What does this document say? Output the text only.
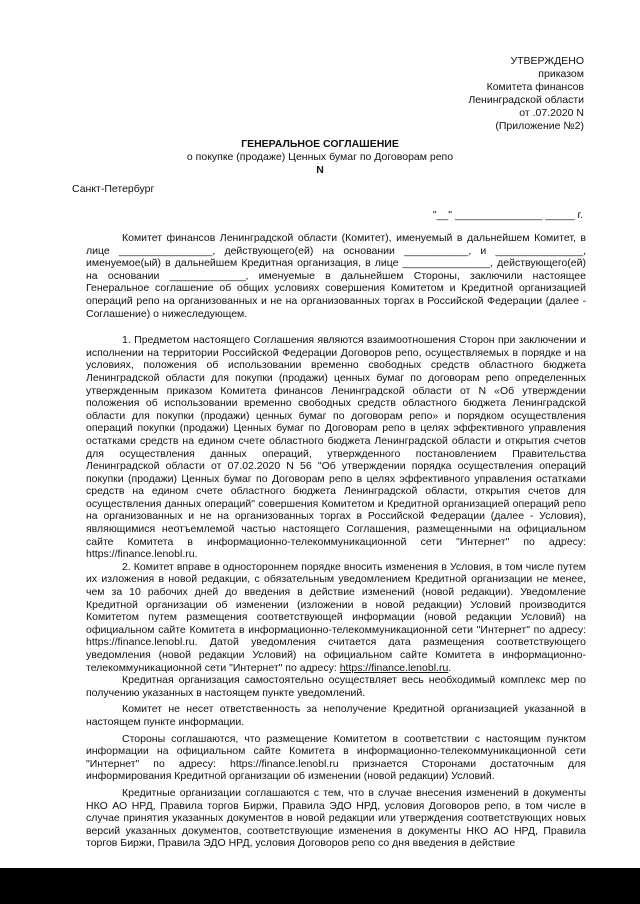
УТВЕРЖДЕНО
приказом
Комитета финансов
Ленинградской области
от .07.2020 N
(Приложение №2)
ГЕНЕРАЛЬНОЕ СОГЛАШЕНИЕ
о покупке (продаже) Ценных бумаг по Договорам репо
N
Санкт-Петербург
"__" _______________ _____ г.

Комитет финансов Ленинградской области (Комитет), именуемый в дальнейшем Комитет, в лице ________________, действующего(ей) на основании ___________, и _______________, именуемое(ый) в дальнейшем Кредитная организация, в лице _______________, действующего(ей) на основании _____________, именуемые в дальнейшем Стороны, заключили настоящее Генеральное соглашение об общих условиях совершения Комитетом и Кредитной организацией операций репо на организованных и не на организованных торгах в Российской Федерации (далее - Соглашение) о нижеследующем.

1. Предметом настоящего Соглашения являются взаимоотношения Сторон при заключении и исполнении на территории Российской Федерации Договоров репо, осуществляемых в порядке и на условиях, положения об использовании временно свободных средств областного бюджета Ленинградской области для покупки (продажи) ценных бумаг по договорам репо определенных утвержденным приказом Комитета финансов Ленинградской области от N «Об утверждении положения об использовании временно свободных средств областного бюджета Ленинградской области для покупки (продажи) ценных бумаг по договорам репо» и порядком осуществления операций покупки (продажи) Ценных бумаг по Договорам репо в целях эффективного управления остатками средств на едином счете областного бюджета Ленинградской области и открытия счетов для осуществления данных операций, утвержденного постановлением Правительства Ленинградской области от 07.02.2020 N 56 "Об утверждении порядка осуществления операций покупки (продажи) Ценных бумаг по Договорам репо в целях эффективного управления остатками средств на едином счете областного бюджета Ленинградской области, открытия счетов для осуществления данных операций" совершения Комитетом и Кредитной организацией операций репо на организованных и не на организованных торгах в Российской Федерации (далее - Условия), являющимися неотъемлемой частью настоящего Соглашения, размещенными на официальном сайте Комитета в информационно-телекоммуникационной сети "Интернет" по адресу: https://finance.lenobl.ru.

2. Комитет вправе в одностороннем порядке вносить изменения в Условия, в том числе путем их изложения в новой редакции, с обязательным уведомлением Кредитной организации не менее, чем за 10 рабочих дней до введения в действие изменений (новой редакции). Уведомление Кредитной организации об изменении (изложении в новой редакции) Условий производится Комитетом путем размещения соответствующей информации (новой редакции Условий) на официальном сайте Комитета в информационно-телекоммуникационной сети "Интернет" по адресу: https://finance.lenobl.ru. Датой уведомления считается дата размещения соответствующего уведомления (новой редакции Условий) на официальном сайте Комитета в информационно-телекоммуникационной сети "Интернет" по адресу: https://finance.lenobl.ru.

Кредитная организация самостоятельно осуществляет весь необходимый комплекс мер по получению указанных в настоящем пункте уведомлений.

Комитет не несет ответственность за неполучение Кредитной организацией указанной в настоящем пункте информации.

Стороны соглашаются, что размещение Комитетом в соответствии с настоящим пунктом информации на официальном сайте Комитета в информационно-телекоммуникационной сети "Интернет" по адресу: https://finance.lenobl.ru признается Сторонами достаточным для информирования Кредитной организации об изменении (новой редакции) Условий.

Кредитные организации соглашаются с тем, что в случае внесения изменений в документы НКО АО НРД, Правила торгов Биржи, Правила ЭДО НРД, условия Договоров репо, в том числе в случае принятия указанных документов в новой редакции или утверждения соответствующих новых версий указанных документов, соответствующие изменения в документы НКО АО НРД, Правила торгов Биржи, Правила ЭДО НРД, условия Договоров репо со дня введения в действие
